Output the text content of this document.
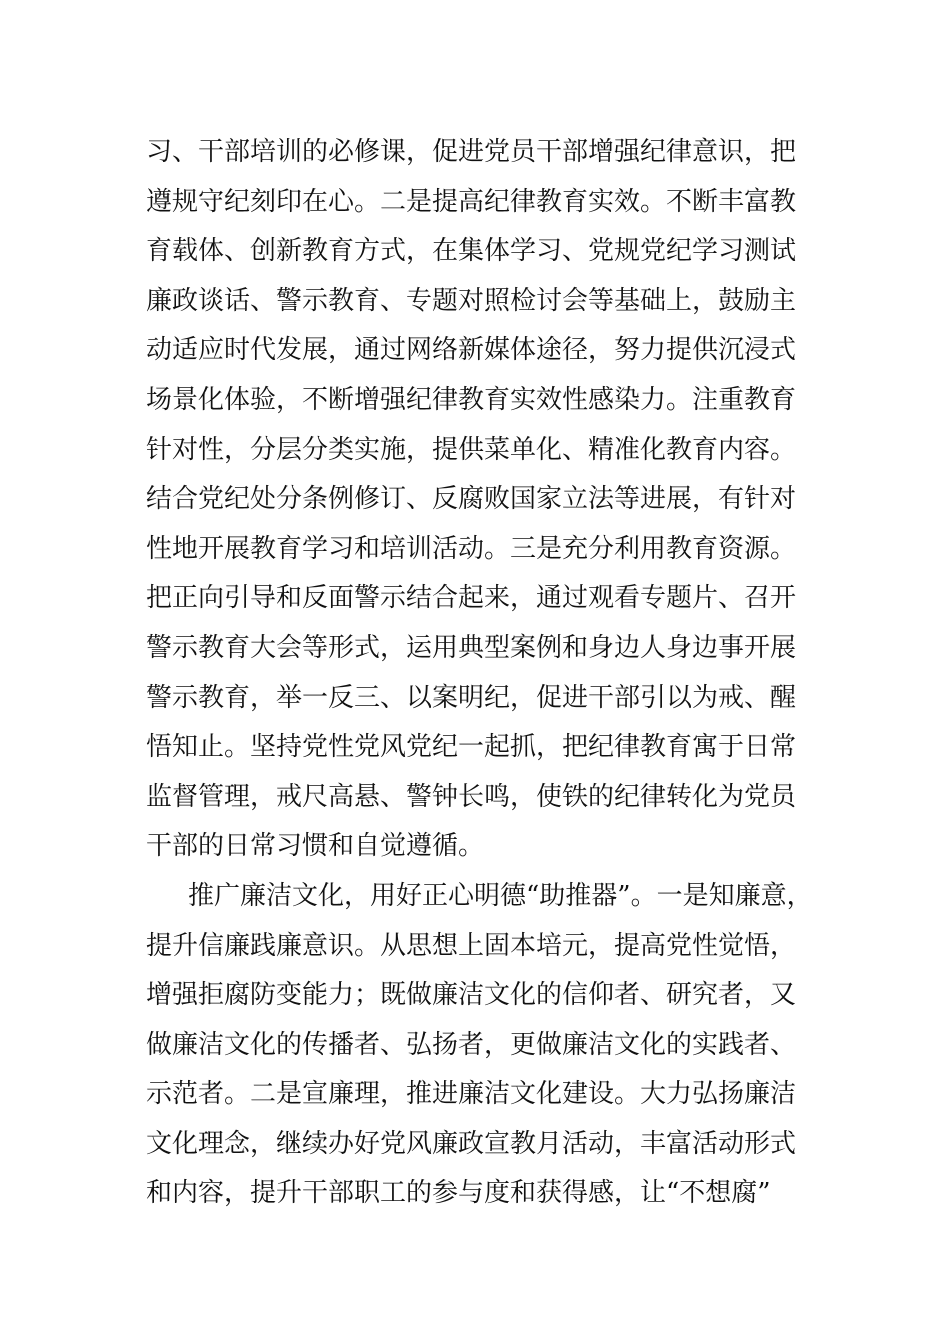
习、干部培训的必修课，促进党员干部增强纪律意识，把
遵规守纪刻印在心。二是提高纪律教育实效。不断丰富教
育载体、创新教育方式，在集体学习、党规党纪学习测试
廉政谈话、警示教育、专题对照检讨会等基础上，鼓励主
动适应时代发展，通过网络新媒体途径，努力提供沉浸式
场景化体验，不断增强纪律教育实效性感染力。注重教育
针对性，分层分类实施，提供菜单化、精准化教育内容。
结合党纪处分条例修订、反腐败国家立法等进展，有针对
性地开展教育学习和培训活动。三是充分利用教育资源。
把正向引导和反面警示结合起来，通过观看专题片、召开
警示教育大会等形式，运用典型案例和身边人身边事开展
警示教育，举一反三、以案明纪，促进干部引以为戒、醒
悟知止。坚持党性党风党纪一起抓，把纪律教育寓于日常
监督管理，戒尺高悬、警钟长鸣，使铁的纪律转化为党员
干部的日常习惯和自觉遵循。
推广廉洁文化，用好正心明德“助推器”。一是知廉意，
提升信廉践廉意识。从思想上固本培元，提高党性觉悟，
增强拒腐防变能力；既做廉洁文化的信仰者、研究者，又
做廉洁文化的传播者、弘扬者，更做廉洁文化的实践者、
示范者。二是宣廉理，推进廉洁文化建设。大力弘扬廉洁
文化理念，继续办好党风廉政宣教月活动，丰富活动形式
和内容，提升干部职工的参与度和获得感，让“不想腐”
